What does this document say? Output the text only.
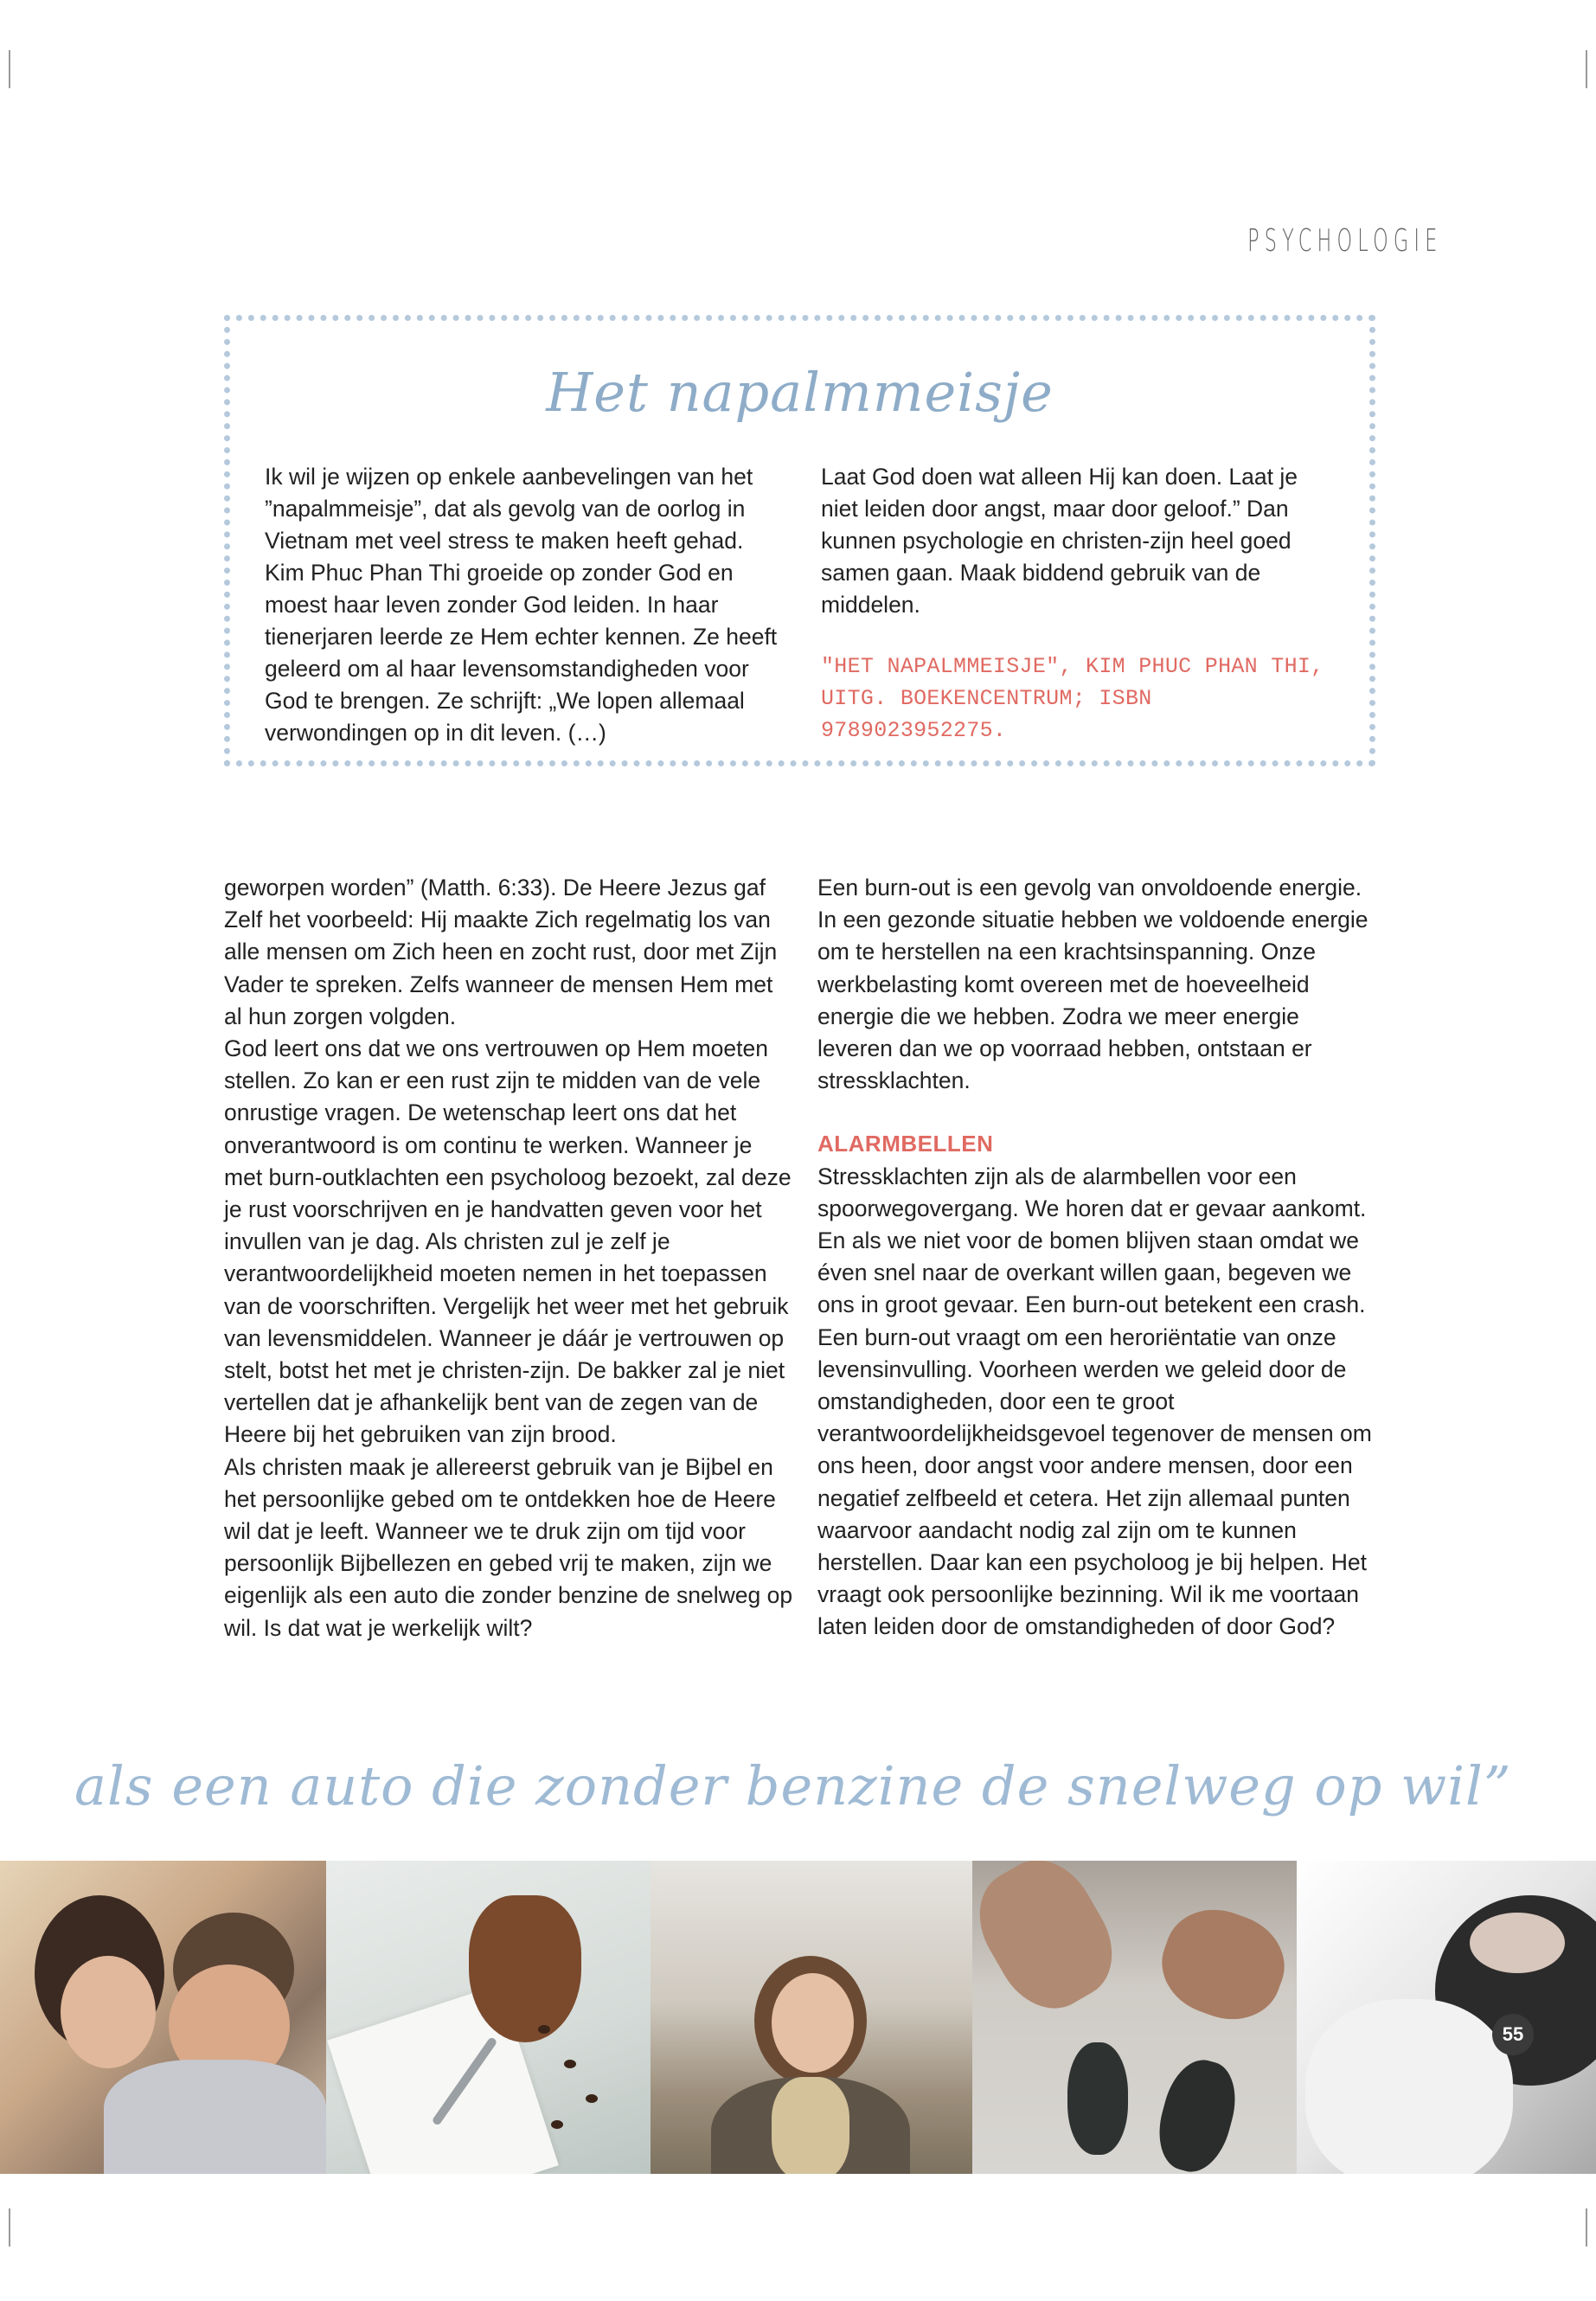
PSYCHOLOGIE
Het napalmmeisje

Ik wil je wijzen op enkele aanbevelingen van het ”napalmmeisje”, dat als gevolg van de oorlog in Vietnam met veel stress te maken heeft gehad. Kim Phuc Phan Thi groeide op zonder God en moest haar leven zonder God leiden. In haar tienerjaren leerde ze Hem echter kennen. Ze heeft geleerd om al haar levensomstandigheden voor God te brengen. Ze schrijft: „We lopen allemaal verwondingen op in dit leven. (…)

Laat God doen wat alleen Hij kan doen. Laat je niet leiden door angst, maar door geloof.” Dan kunnen psychologie en christen-zijn heel goed samen gaan. Maak biddend gebruik van de middelen.

"HET NAPALMMEISJE", KIM PHUC PHAN THI, UITG. BOEKENCENTRUM; ISBN 9789023952275.

geworpen worden” (Matth. 6:33). De Heere Jezus gaf Zelf het voorbeeld: Hij maakte Zich regelmatig los van alle mensen om Zich heen en zocht rust, door met Zijn Vader te spreken. Zelfs wanneer de mensen Hem met al hun zorgen volgden.

God leert ons dat we ons vertrouwen op Hem moeten stellen. Zo kan er een rust zijn te midden van de vele onrustige vragen. De wetenschap leert ons dat het onverantwoord is om continu te werken. Wanneer je met burn-outklachten een psycholoog bezoekt, zal deze je rust voorschrijven en je handvatten geven voor het invullen van je dag. Als christen zul je zelf je verantwoordelijkheid moeten nemen in het toepassen van de voorschriften. Vergelijk het weer met het gebruik van levensmiddelen. Wanneer je dáár je vertrouwen op stelt, botst het met je christen-zijn. De bakker zal je niet vertellen dat je afhankelijk bent van de zegen van de Heere bij het gebruiken van zijn brood.

Als christen maak je allereerst gebruik van je Bijbel en het persoonlijke gebed om te ontdekken hoe de Heere wil dat je leeft. Wanneer we te druk zijn om tijd voor persoonlijk Bijbellezen en gebed vrij te maken, zijn we eigenlijk als een auto die zonder benzine de snelweg op wil. Is dat wat je werkelijk wilt?

Een burn-out is een gevolg van onvoldoende energie. In een gezonde situatie hebben we voldoende energie om te herstellen na een krachtsinspanning. Onze werkbelasting komt overeen met de hoeveelheid energie die we hebben. Zodra we meer energie leveren dan we op voorraad hebben, ontstaan er stressklachten.

ALARMBELLEN

Stressklachten zijn als de alarmbellen voor een spoorwegovergang. We horen dat er gevaar aankomt. En als we niet voor de bomen blijven staan omdat we éven snel naar de overkant willen gaan, begeven we ons in groot gevaar. Een burn-out betekent een crash. Een burn-out vraagt om een heroriëntatie van onze levensinvulling. Voorheen werden we geleid door de omstandigheden, door een te groot verantwoordelijkheidsgevoel tegenover de mensen om ons heen, door angst voor andere mensen, door een negatief zelfbeeld et cetera. Het zijn allemaal punten waarvoor aandacht nodig zal zijn om te kunnen herstellen. Daar kan een psycholoog je bij helpen. Het vraagt ook persoonlijke bezinning. Wil ik me voortaan laten leiden door de omstandigheden of door God?

als een auto die zonder benzine de snelweg op wil”
55
